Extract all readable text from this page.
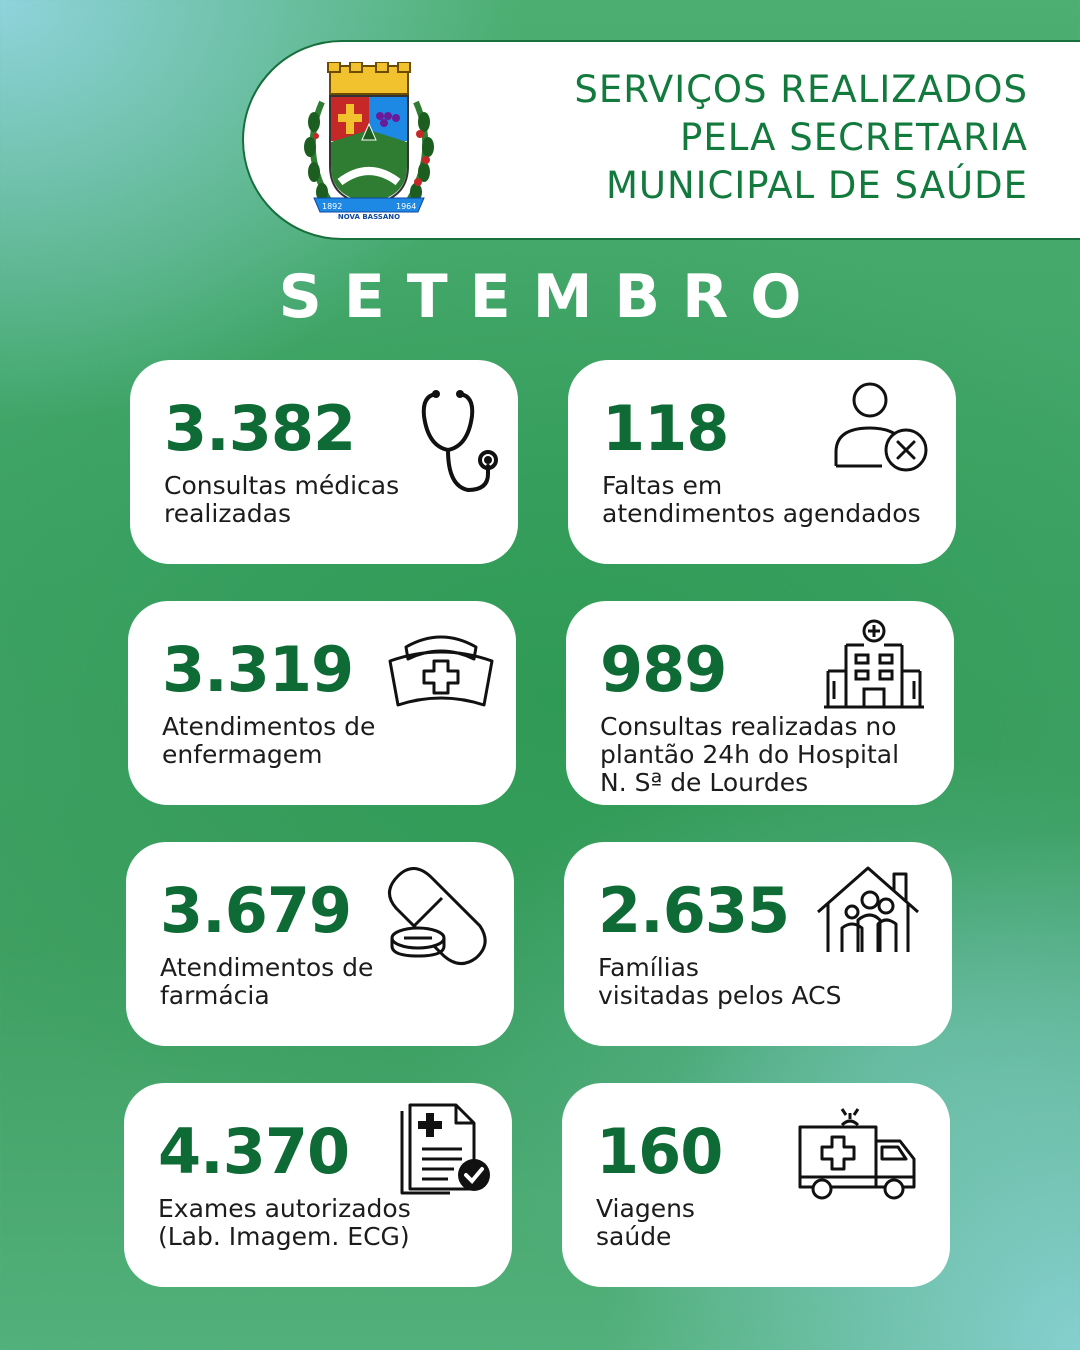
1892	1964
NOVA BASSANO
SERVIÇOS REALIZADOS
PELA SECRETARIA
MUNICIPAL DE SAÚDE
SETEMBRO
3.382
Consultas médicas
realizadas
118
Faltas em
atendimentos agendados
3.319
Atendimentos de
enfermagem
989
Consultas realizadas no
plantão 24h do Hospital
N. Sª de Lourdes
3.679
Atendimentos de
farmácia
2.635
Famílias
visitadas pelos ACS
4.370
Exames autorizados
(Lab. Imagem. ECG)
160
Viagens
saúde
